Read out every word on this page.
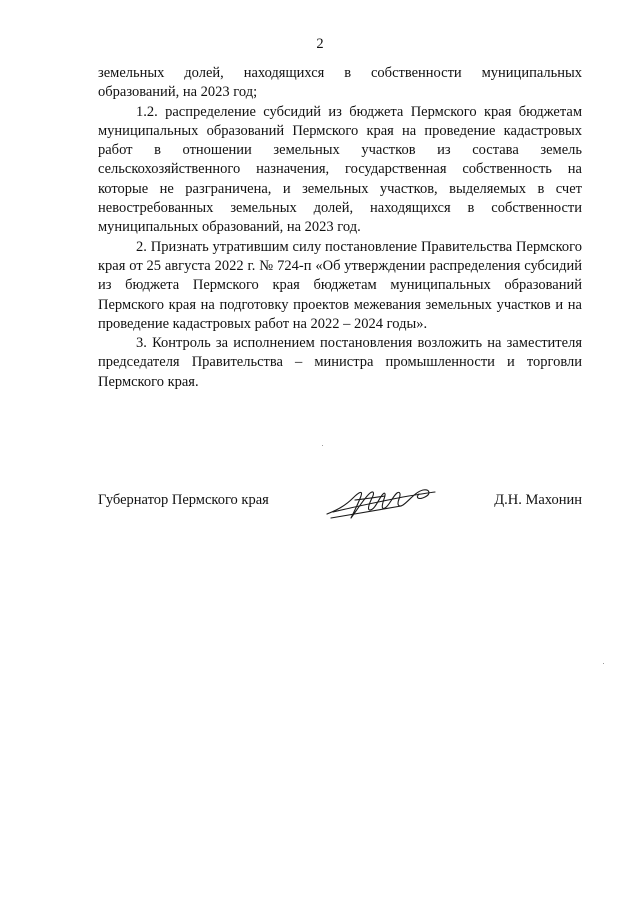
2

земельных долей, находящихся в собственности муниципальных образований, на 2023 год;

1.2. распределение субсидий из бюджета Пермского края бюджетам муниципальных образований Пермского края на проведение кадастровых работ в отношении земельных участков из состава земель сельскохозяйственного назначения, государственная собственность на которые не разграничена, и земельных участков, выделяемых в счет невостребованных земельных долей, находящихся в собственности муниципальных образований, на 2023 год.

2. Признать утратившим силу постановление Правительства Пермского края от 25 августа 2022 г. № 724-п «Об утверждении распределения субсидий из бюджета Пермского края бюджетам муниципальных образований Пермского края на подготовку проектов межевания земельных участков и на проведение кадастровых работ на 2022 – 2024 годы».

3. Контроль за исполнением постановления возложить на заместителя председателя Правительства – министра промышленности и торговли Пермского края.

Губернатор Пермского края	Д.Н. Махонин
